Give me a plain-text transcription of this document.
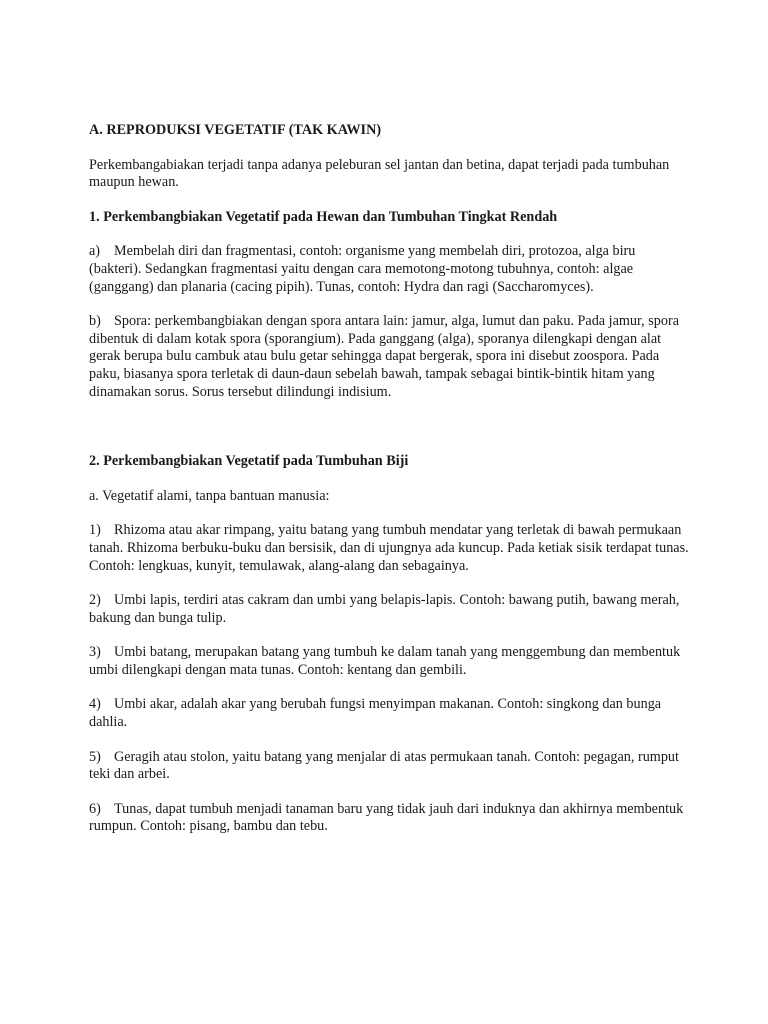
A. REPRODUKSI VEGETATIF (TAK KAWIN)

Perkembangabiakan terjadi tanpa adanya peleburan sel jantan dan betina, dapat terjadi pada tumbuhan maupun hewan.

1. Perkembangbiakan Vegetatif pada Hewan dan Tumbuhan Tingkat Rendah

a) Membelah diri dan fragmentasi, contoh: organisme yang membelah diri, protozoa, alga biru (bakteri). Sedangkan fragmentasi yaitu dengan cara memotong-motong tubuhnya, contoh: algae (ganggang) dan planaria (cacing pipih). Tunas, contoh: Hydra dan ragi (Saccharomyces).

b) Spora: perkembangbiakan dengan spora antara lain: jamur, alga, lumut dan paku. Pada jamur, spora dibentuk di dalam kotak spora (sporangium). Pada ganggang (alga), sporanya dilengkapi dengan alat gerak berupa bulu cambuk atau bulu getar sehingga dapat bergerak, spora ini disebut zoospora. Pada paku, biasanya spora terletak di daun-daun sebelah bawah, tampak sebagai bintik-bintik hitam yang dinamakan sorus. Sorus tersebut dilindungi indisium.

2. Perkembangbiakan Vegetatif pada Tumbuhan Biji

a. Vegetatif alami, tanpa bantuan manusia:

1) Rhizoma atau akar rimpang, yaitu batang yang tumbuh mendatar yang terletak di bawah permukaan tanah. Rhizoma berbuku-buku dan bersisik, dan di ujungnya ada kuncup. Pada ketiak sisik terdapat tunas. Contoh: lengkuas, kunyit, temulawak, alang-alang dan sebagainya.

2) Umbi lapis, terdiri atas cakram dan umbi yang belapis-lapis. Contoh: bawang putih, bawang merah, bakung dan bunga tulip.

3) Umbi batang, merupakan batang yang tumbuh ke dalam tanah yang menggembung dan membentuk umbi dilengkapi dengan mata tunas. Contoh: kentang dan gembili.

4) Umbi akar, adalah akar yang berubah fungsi menyimpan makanan. Contoh: singkong dan bunga dahlia.

5) Geragih atau stolon, yaitu batang yang menjalar di atas permukaan tanah. Contoh: pegagan, rumput teki dan arbei.

6) Tunas, dapat tumbuh menjadi tanaman baru yang tidak jauh dari induknya dan akhirnya membentuk rumpun. Contoh: pisang, bambu dan tebu.
